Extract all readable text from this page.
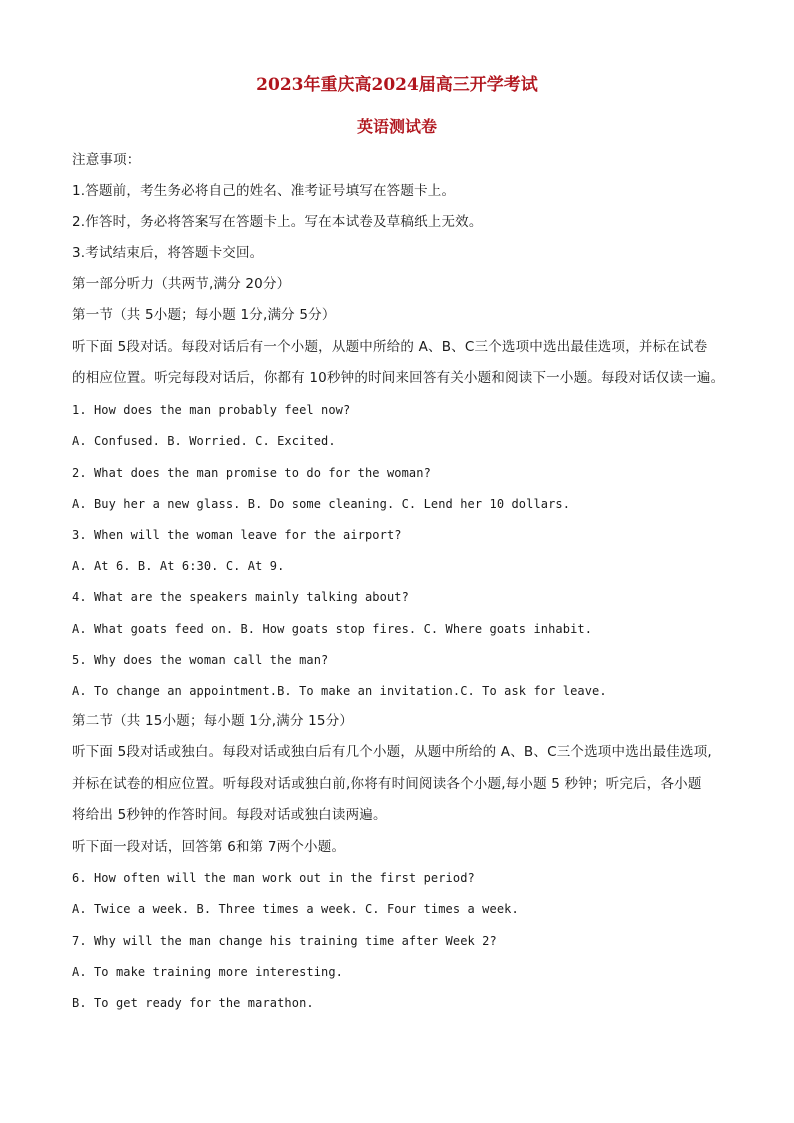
2023年重庆高2024届高三开学考试
英语测试卷
注意事项：
1.答题前，考生务必将自己的姓名、准考证号填写在答题卡上。
2.作答时，务必将答案写在答题卡上。写在本试卷及草稿纸上无效。
3.考试结束后，将答题卡交回。
第一部分听力（共两节,满分 20分）
第一节（共 5小题；每小题 1分,满分 5分）
听下面 5段对话。每段对话后有一个小题，从题中所给的 A、B、C三个选项中选出最佳选项，并标在试卷
的相应位置。听完每段对话后，你都有 10秒钟的时间来回答有关小题和阅读下一小题。每段对话仅读一遍。
1. How does the man probably feel now?
A. Confused. B. Worried. C. Excited.
2. What does the man promise to do for the woman?
A. Buy her a new glass. B. Do some cleaning. C. Lend her 10 dollars.
3. When will the woman leave for the airport?
A. At 6. B. At 6:30. C. At 9.
4. What are the speakers mainly talking about?
A. What goats feed on. B. How goats stop fires. C. Where goats inhabit.
5. Why does the woman call the man?
A. To change an appointment.B. To make an invitation.C. To ask for leave.
第二节（共 15小题；每小题 1分,满分 15分）
听下面 5段对话或独白。每段对话或独白后有几个小题，从题中所给的 A、B、C三个选项中选出最佳选项,
并标在试卷的相应位置。听每段对话或独白前,你将有时间阅读各个小题,每小题 5 秒钟；听完后，各小题
将给出 5秒钟的作答时间。每段对话或独白读两遍。
听下面一段对话，回答第 6和第 7两个小题。
6. How often will the man work out in the first period?
A. Twice a week. B. Three times a week. C. Four times a week.
7. Why will the man change his training time after Week 2?
A. To make training more interesting.
B. To get ready for the marathon.
